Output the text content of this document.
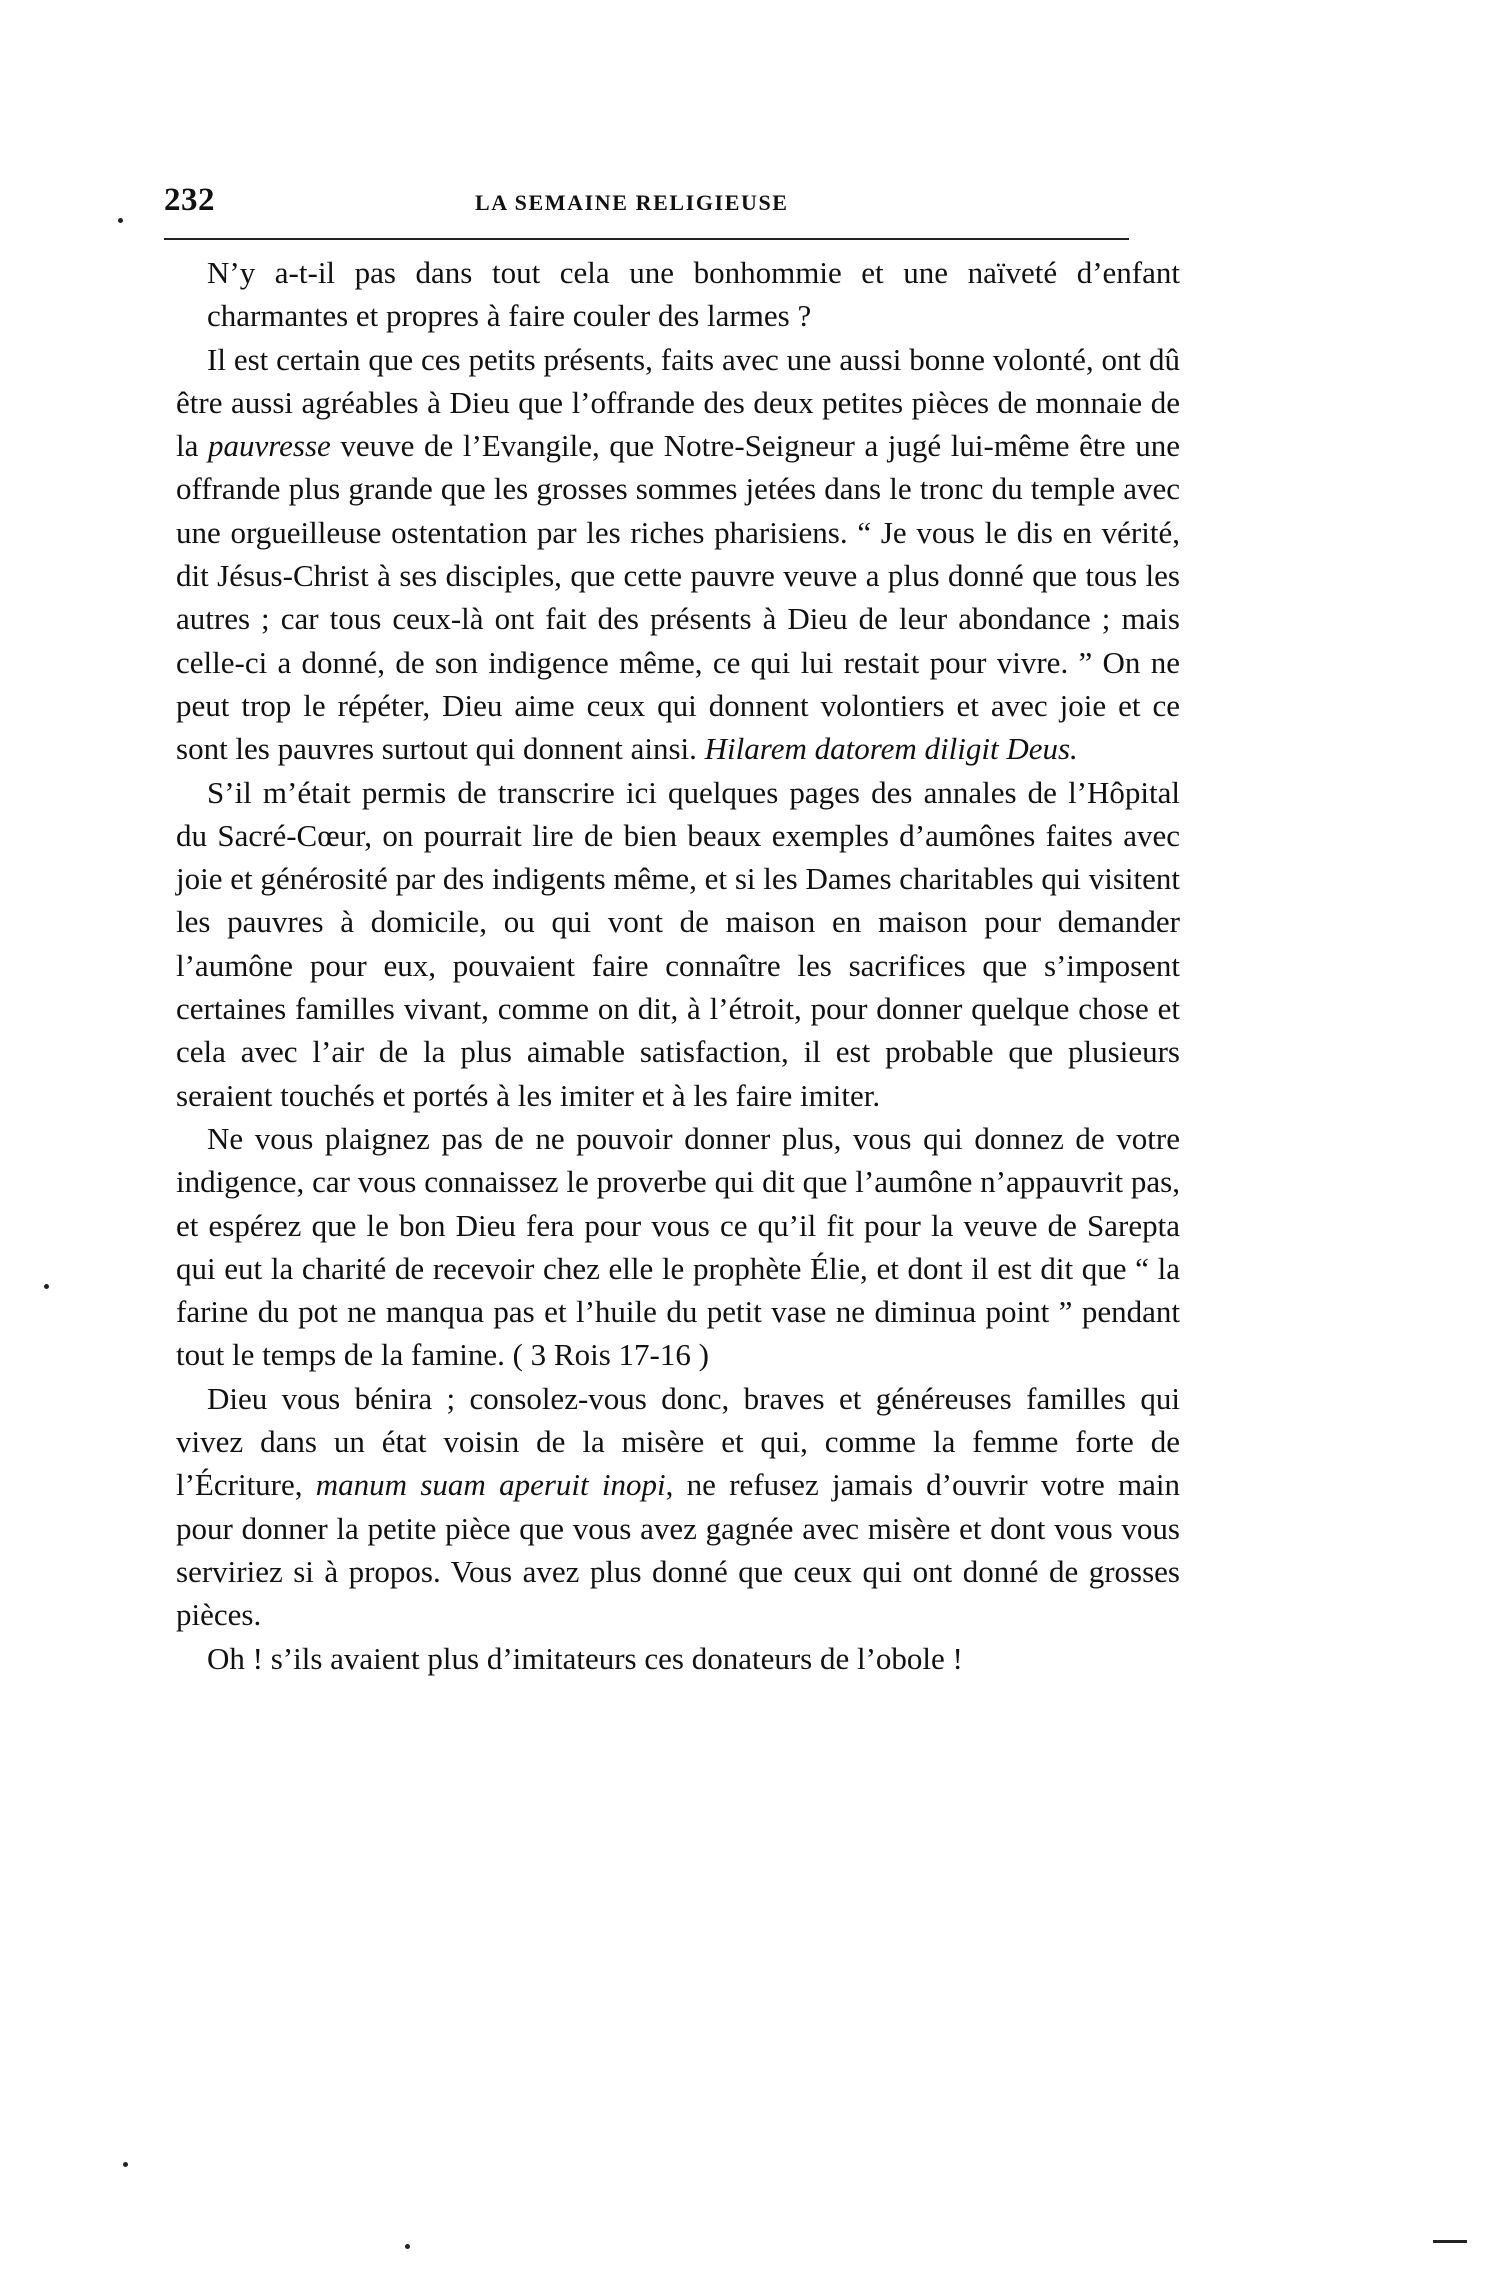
232	LA SEMAINE RELIGIEUSE

N’y a-t-il pas dans tout cela une bonhommie et une naïveté d’enfant charmantes et propres à faire couler des larmes ?

Il est certain que ces petits présents, faits avec une aussi bonne volonté, ont dû être aussi agréables à Dieu que l’offrande des deux petites pièces de monnaie de la pauvresse veuve de l’Evangile, que Notre-Seigneur a jugé lui-même être une offrande plus grande que les grosses sommes jetées dans le tronc du temple avec une orgueilleuse ostentation par les riches pharisiens. “ Je vous le dis en vérité, dit Jésus-Christ à ses disciples, que cette pauvre veuve a plus donné que tous les autres ; car tous ceux-là ont fait des présents à Dieu de leur abondance ; mais celle-ci a donné, de son indigence même, ce qui lui restait pour vivre. ” On ne peut trop le répéter, Dieu aime ceux qui donnent volontiers et avec joie et ce sont les pauvres surtout qui donnent ainsi. Hilarem datorem diligit Deus.

S’il m’était permis de transcrire ici quelques pages des annales de l’Hôpital du Sacré-Cœur, on pourrait lire de bien beaux exemples d’aumônes faites avec joie et générosité par des indigents même, et si les Dames charitables qui visitent les pauvres à domicile, ou qui vont de maison en maison pour demander l’aumône pour eux, pouvaient faire connaître les sacrifices que s’imposent certaines familles vivant, comme on dit, à l’étroit, pour donner quelque chose et cela avec l’air de la plus aimable satisfaction, il est probable que plusieurs seraient touchés et portés à les imiter et à les faire imiter.

Ne vous plaignez pas de ne pouvoir donner plus, vous qui donnez de votre indigence, car vous connaissez le proverbe qui dit que l’aumône n’appauvrit pas, et espérez que le bon Dieu fera pour vous ce qu’il fit pour la veuve de Sarepta qui eut la charité de recevoir chez elle le prophète Élie, et dont il est dit que “ la farine du pot ne manqua pas et l’huile du petit vase ne diminua point ” pendant tout le temps de la famine. ( 3 Rois 17-16 )

Dieu vous bénira ; consolez-vous donc, braves et généreuses familles qui vivez dans un état voisin de la misère et qui, comme la femme forte de l’Écriture, manum suam aperuit inopi, ne refusez jamais d’ouvrir votre main pour donner la petite pièce que vous avez gagnée avec misère et dont vous vous serviriez si à propos. Vous avez plus donné que ceux qui ont donné de grosses pièces.

Oh ! s’ils avaient plus d’imitateurs ces donateurs de l’obole !
